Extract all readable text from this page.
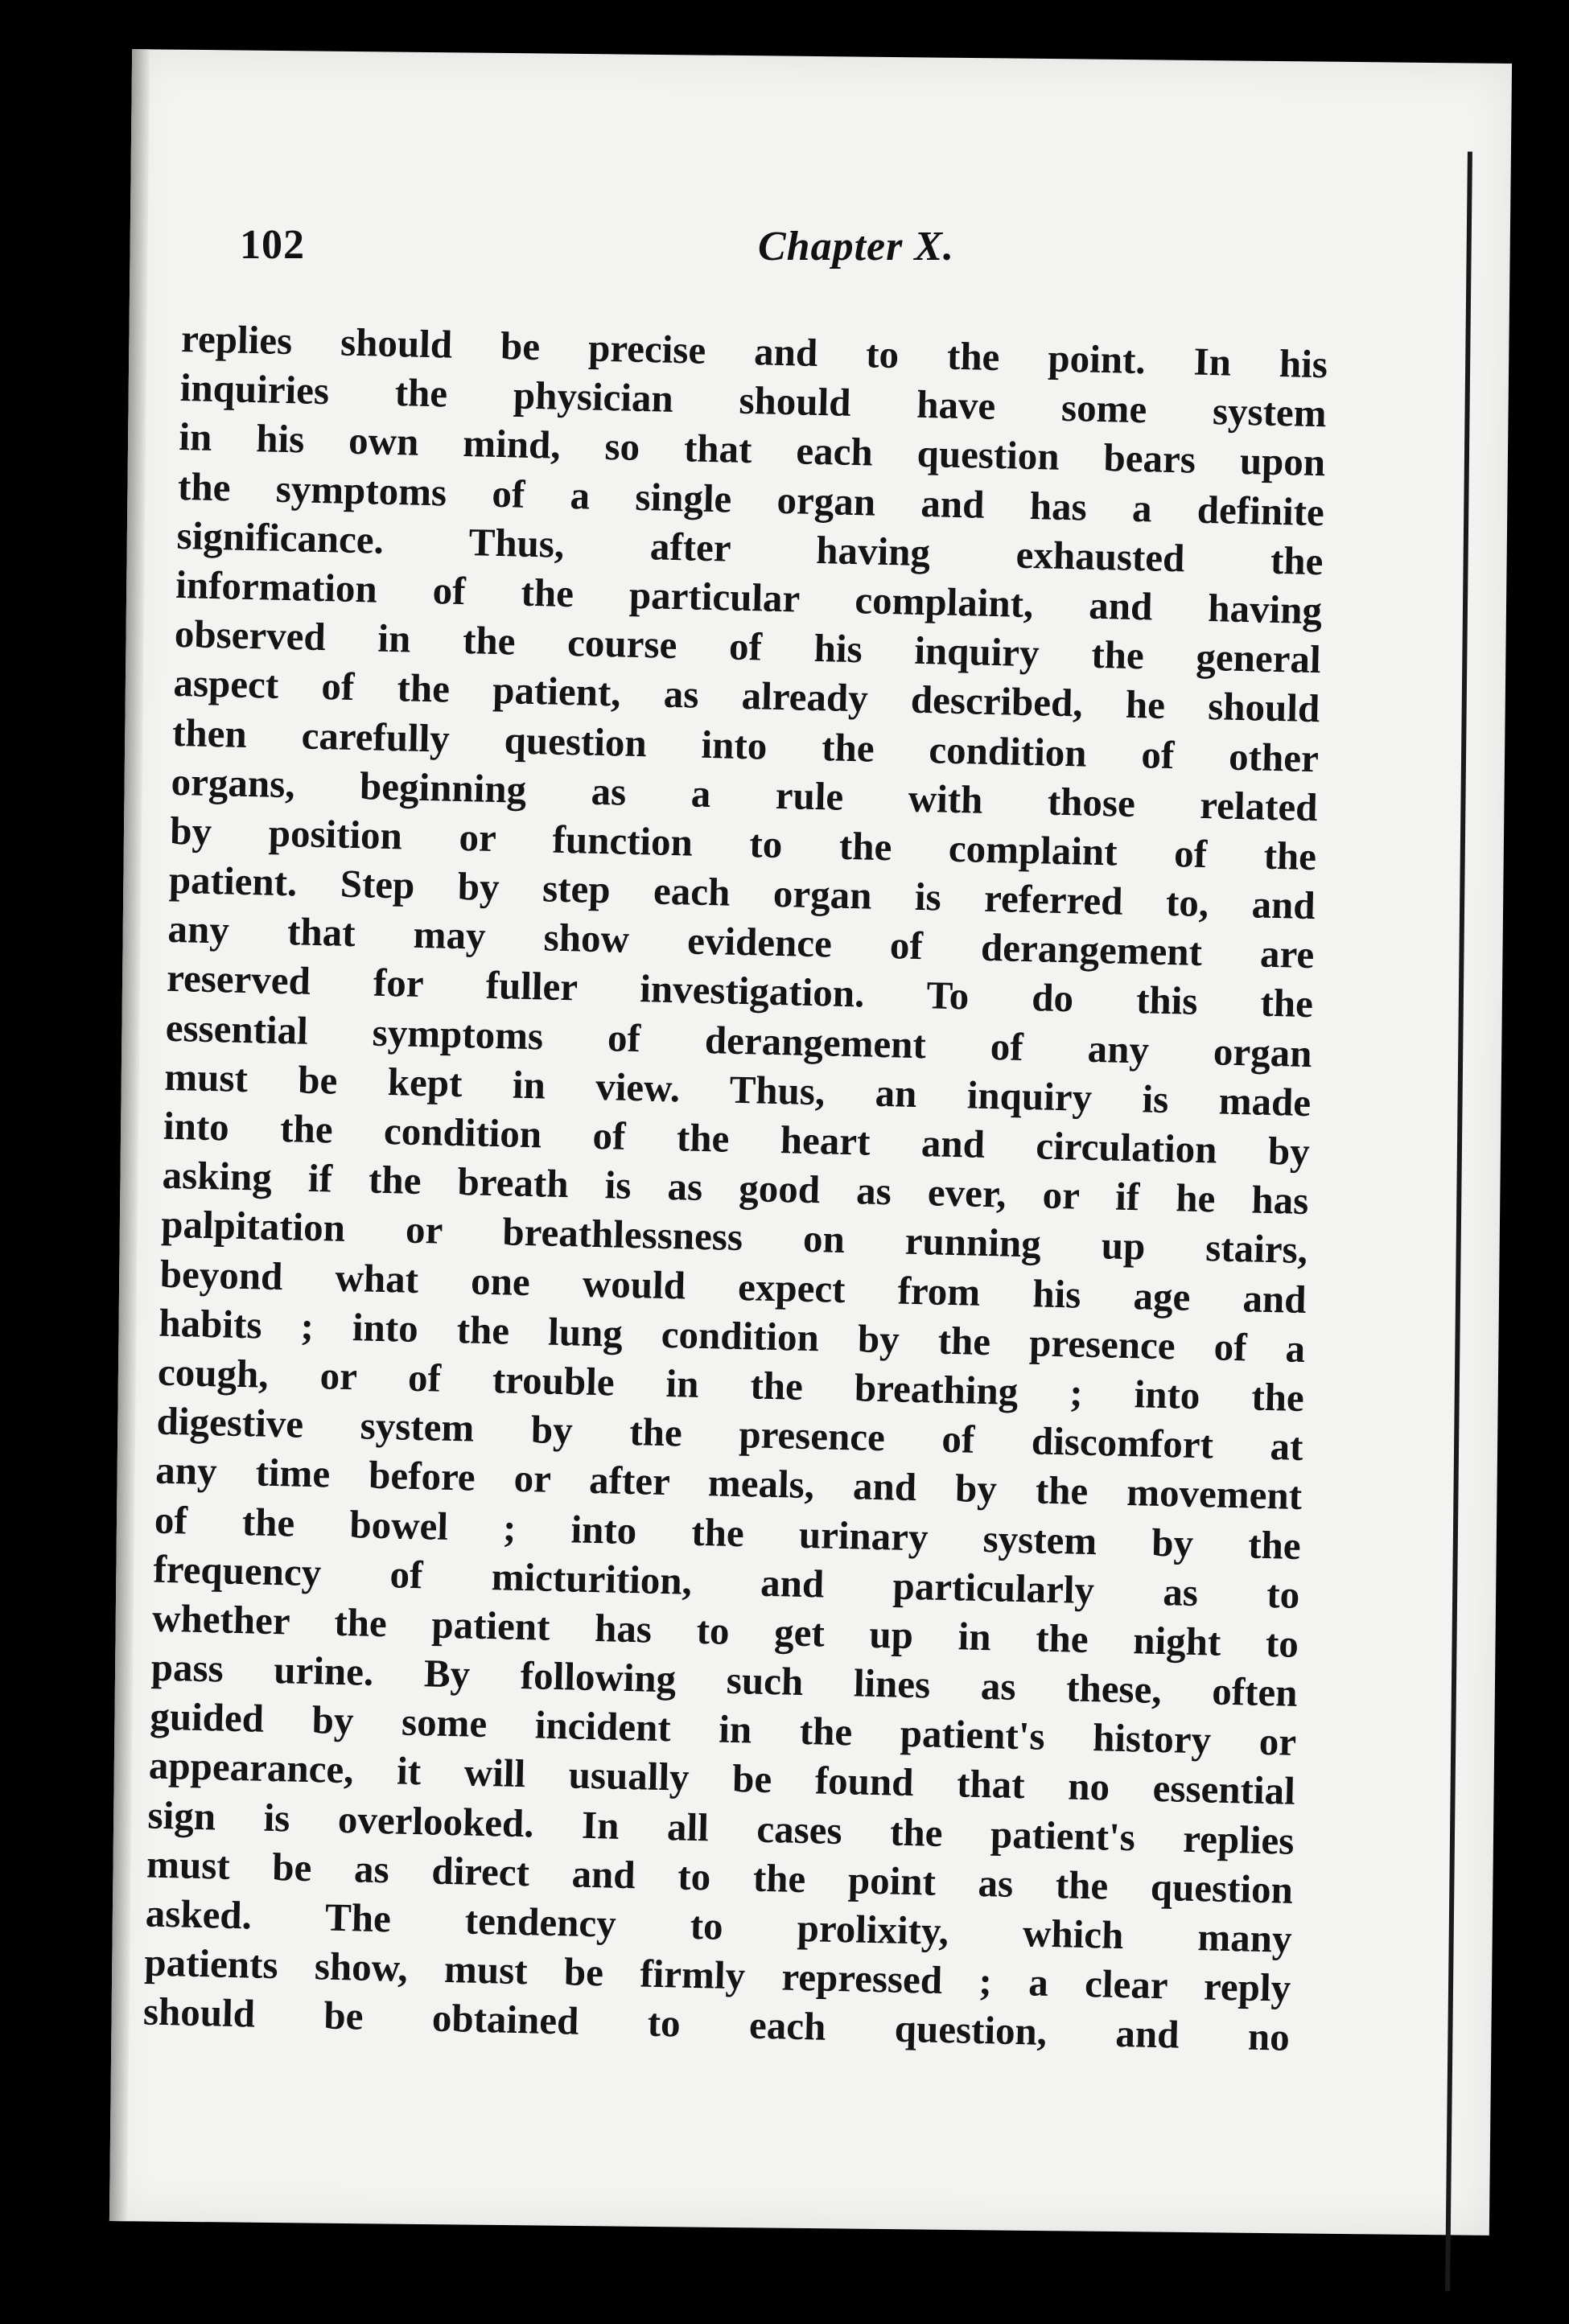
102	Chapter X.
replies should be precise and to the point. In his
inquiries the physician should have some system
in his own mind, so that each question bears upon
the symptoms of a single organ and has a definite
significance. Thus, after having exhausted the
information of the particular complaint, and having
observed in the course of his inquiry the general
aspect of the patient, as already described, he should
then carefully question into the condition of other
organs, beginning as a rule with those related
by position or function to the complaint of the
patient. Step by step each organ is referred to, and
any that may show evidence of derangement are
reserved for fuller investigation. To do this the
essential symptoms of derangement of any organ
must be kept in view. Thus, an inquiry is made
into the condition of the heart and circulation by
asking if the breath is as good as ever, or if he has
palpitation or breathlessness on running up stairs,
beyond what one would expect from his age and
habits ; into the lung condition by the presence of a
cough, or of trouble in the breathing ; into the
digestive system by the presence of discomfort at
any time before or after meals, and by the movement
of the bowel ; into the urinary system by the
frequency of micturition, and particularly as to
whether the patient has to get up in the night to
pass urine. By following such lines as these, often
guided by some incident in the patient's history or
appearance, it will usually be found that no essential
sign is overlooked. In all cases the patient's replies
must be as direct and to the point as the question
asked. The tendency to prolixity, which many
patients show, must be firmly repressed ; a clear reply
should be obtained to each question, and no
